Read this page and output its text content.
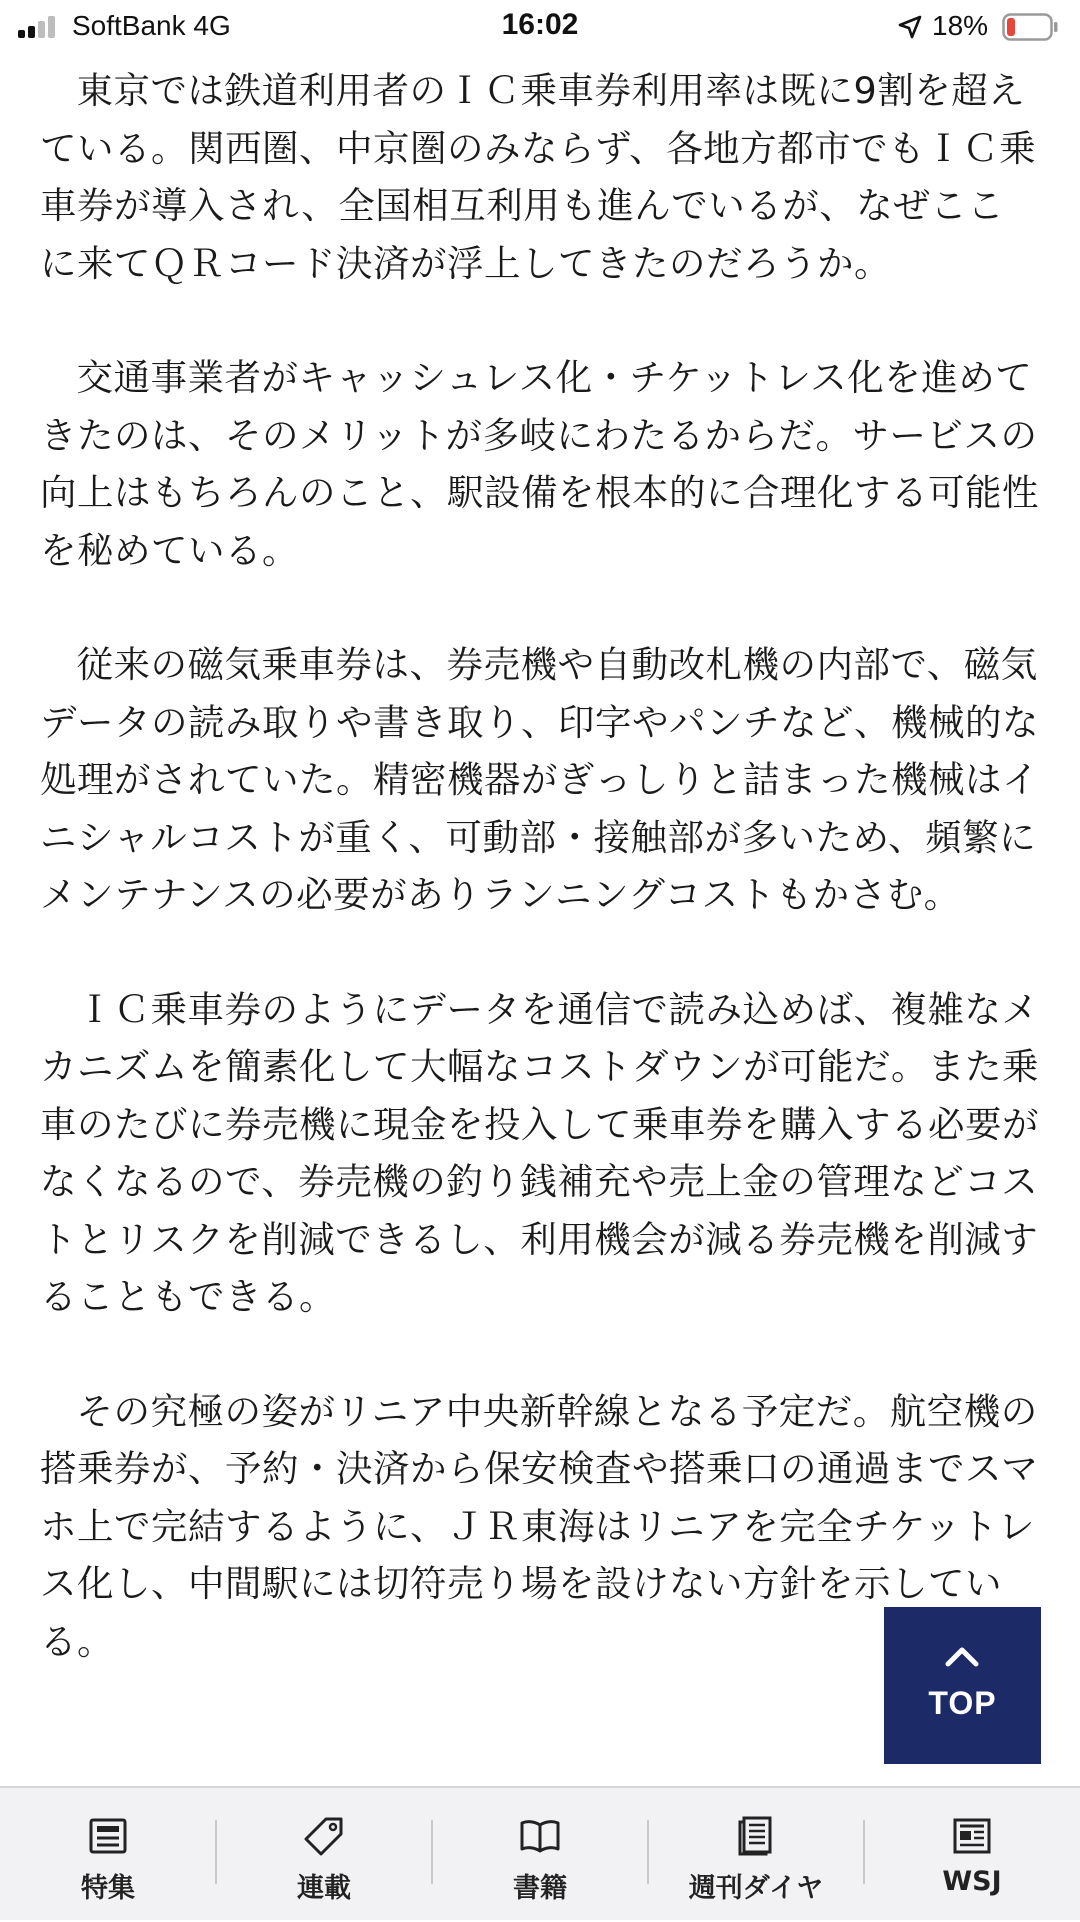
SoftBank 4G	16:02	18%

東京では鉄道利用者のＩＣ乗車券利用率は既に9割を超えている。関西圏、中京圏のみならず、各地方都市でもＩＣ乗車券が導入され、全国相互利用も進んでいるが、なぜここに来てＱＲコード決済が浮上してきたのだろうか。

交通事業者がキャッシュレス化・チケットレス化を進めてきたのは、そのメリットが多岐にわたるからだ。サービスの向上はもちろんのこと、駅設備を根本的に合理化する可能性を秘めている。

従来の磁気乗車券は、券売機や自動改札機の内部で、磁気データの読み取りや書き取り、印字やパンチなど、機械的な処理がされていた。精密機器がぎっしりと詰まった機械はイニシャルコストが重く、可動部・接触部が多いため、頻繁にメンテナンスの必要がありランニングコストもかさむ。

ＩＣ乗車券のようにデータを通信で読み込めば、複雑なメカニズムを簡素化して大幅なコストダウンが可能だ。また乗車のたびに券売機に現金を投入して乗車券を購入する必要がなくなるので、券売機の釣り銭補充や売上金の管理などコストとリスクを削減できるし、利用機会が減る券売機を削減することもできる。

その究極の姿がリニア中央新幹線となる予定だ。航空機の搭乗券が、予約・決済から保安検査や搭乗口の通過までスマホ上で完結するように、ＪＲ東海はリニアを完全チケットレス化し、中間駅には切符売り場を設けない方針を示している。

TOP
特集	連載	書籍	週刊ダイヤ	WSJ
